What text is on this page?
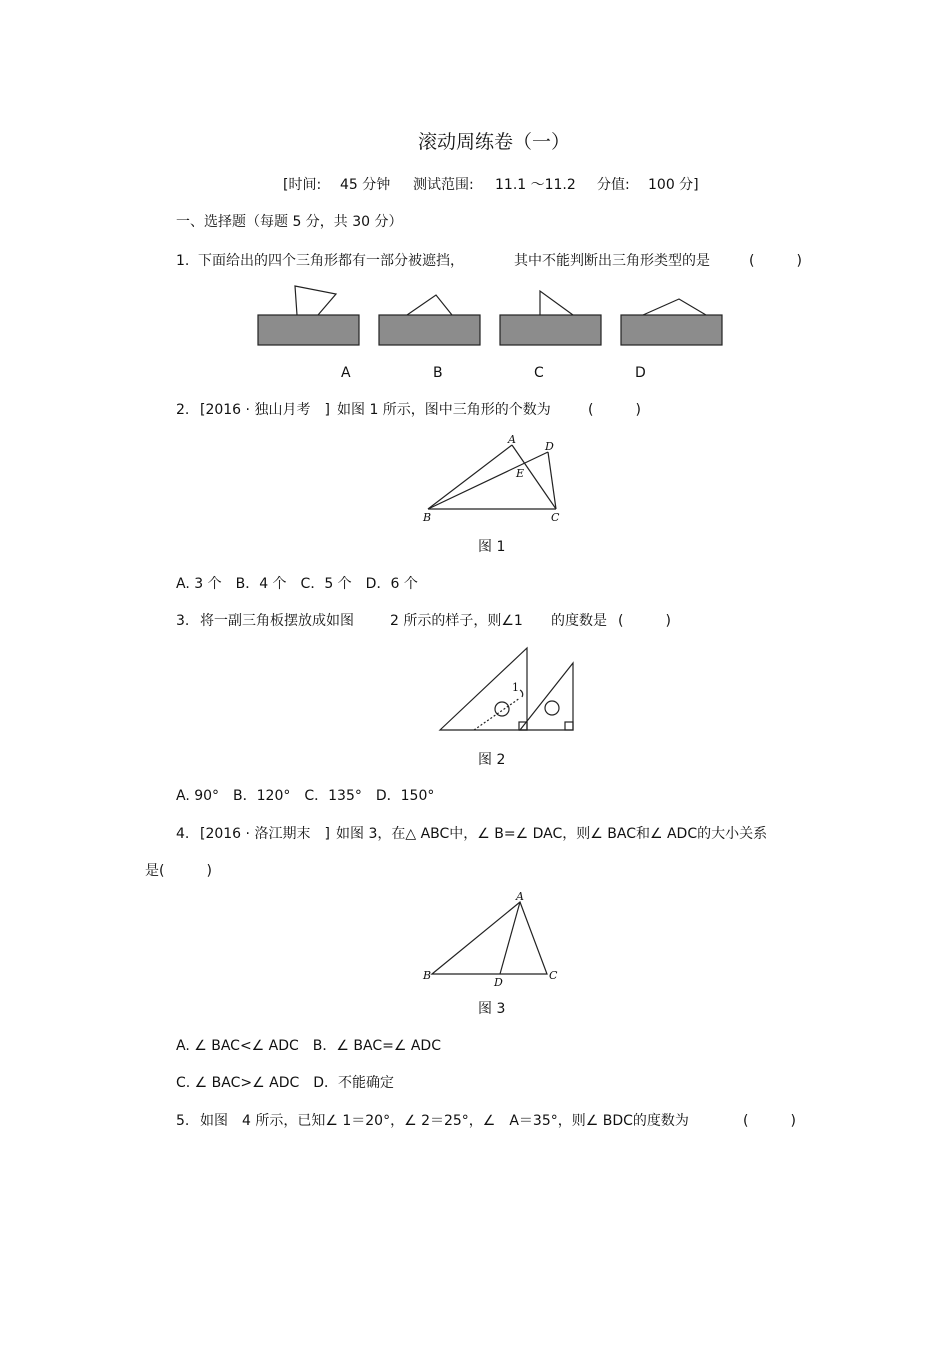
滚动周练卷（一）
[时间: 45 分钟 测试范围: 11.1 ～11.2 分值: 100 分]
一、选择题（每题 5 分，共 30 分）
1. 下面给出的四个三角形都有一部分被遮挡，	其中不能判断出三角形类型的是	(　　　)
A	B	C	D
2. [2016 · 独山月考　] 如图 1 所示，图中三角形的个数为	(　　　)
A
D
E
B	C
图 1
A. 3 个　B．4 个　C．5 个　D．6 个
3. 将一副三角板摆放成如图	2 所示的样子，则∠1 的度数是 (　　　)
1
图 2
A. 90°　B．120°　C．135°　D．150°
4. [2016 · 洛江期末　] 如图 3，在△ ABC中，∠ B=∠ DAC，则∠ BAC和∠ ADC的大小关系
是(　　　)
A
B
D
C
图 3
A. ∠ BAC<∠ ADC　B．∠ BAC=∠ ADC
C. ∠ BAC>∠ ADC　D．不能确定
5. 如图　4 所示，已知∠ 1＝20°，∠ 2＝25°，∠　A＝35°，则∠ BDC的度数为	(　　　)
